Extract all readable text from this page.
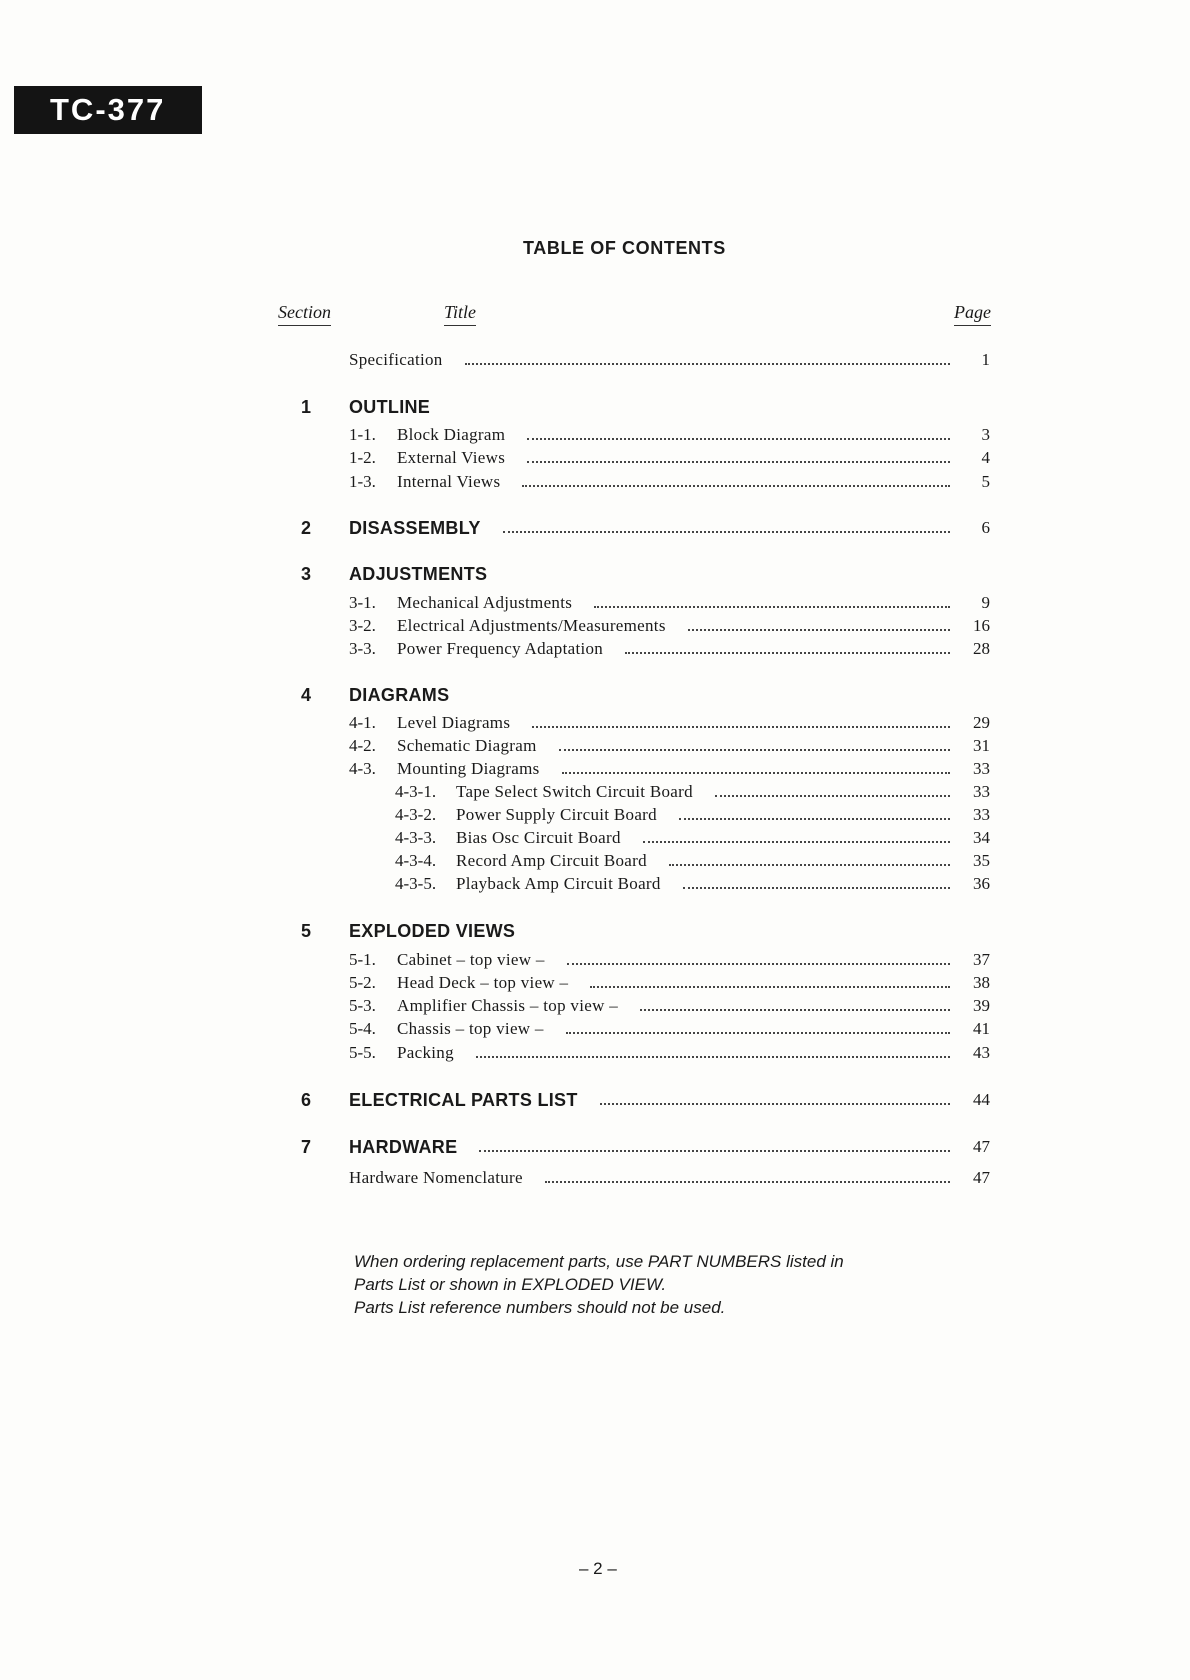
TC-377
TABLE OF CONTENTS
Section	Title	Page
Specification	1
1 OUTLINE
1-1. Block Diagram	3
1-2. External Views	4
1-3. Internal Views	5
2 DISASSEMBLY	6
3 ADJUSTMENTS
3-1. Mechanical Adjustments	9
3-2. Electrical Adjustments/Measurements	16
3-3. Power Frequency Adaptation	28
4 DIAGRAMS
4-1. Level Diagrams	29
4-2. Schematic Diagram	31
4-3. Mounting Diagrams	33
4-3-1. Tape Select Switch Circuit Board	33
4-3-2. Power Supply Circuit Board	33
4-3-3. Bias Osc Circuit Board	34
4-3-4. Record Amp Circuit Board	35
4-3-5. Playback Amp Circuit Board	36
5 EXPLODED VIEWS
5-1. Cabinet – top view –	37
5-2. Head Deck – top view –	38
5-3. Amplifier Chassis – top view –	39
5-4. Chassis – top view –	41
5-5. Packing	43
6 ELECTRICAL PARTS LIST	44
7 HARDWARE	47
Hardware Nomenclature	47
When ordering replacement parts, use PART NUMBERS listed in
Parts List or shown in EXPLODED VIEW.
Parts List reference numbers should not be used.
– 2 –
